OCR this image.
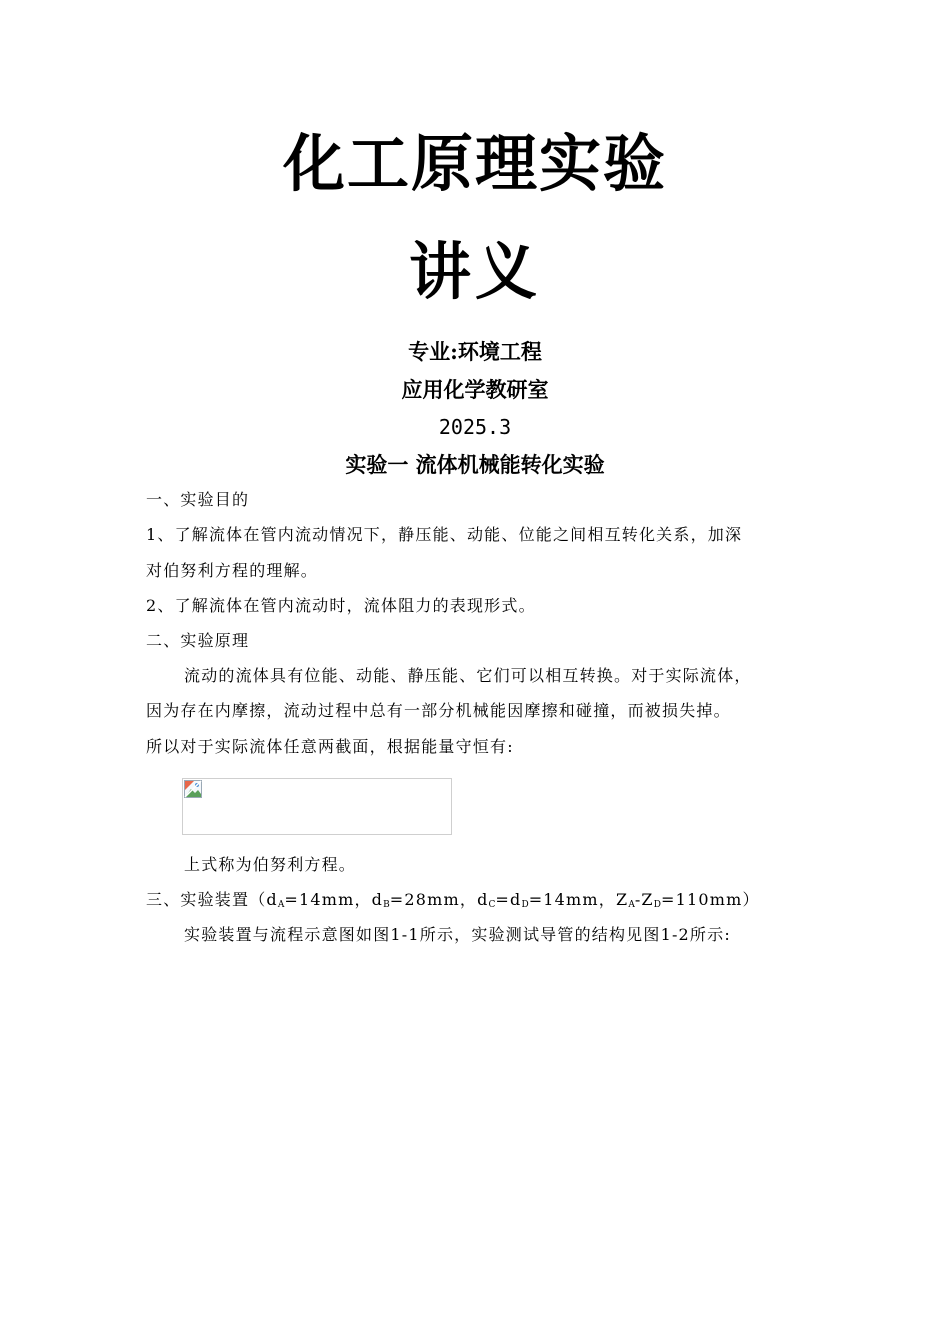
化工原理实验
讲义
专业:环境工程
应用化学教研室
2025.3
实验一 流体机械能转化实验
一、实验目的
1、了解流体在管内流动情况下，静压能、动能、位能之间相互转化关系，加深
对伯努利方程的理解。
2、了解流体在管内流动时，流体阻力的表现形式。
二、实验原理
流动的流体具有位能、动能、静压能、它们可以相互转换。对于实际流体，
因为存在内摩擦，流动过程中总有一部分机械能因摩擦和碰撞，而被损失掉。
所以对于实际流体任意两截面，根据能量守恒有:
上式称为伯努利方程。
三、实验装置（$d_A=14mm$，$d_B=28mm$，$d_C=d_D=14mm$，$Z_A-Z_D=110mm$）
实验装置与流程示意图如图1-1所示，实验测试导管的结构见图1-2所示:
